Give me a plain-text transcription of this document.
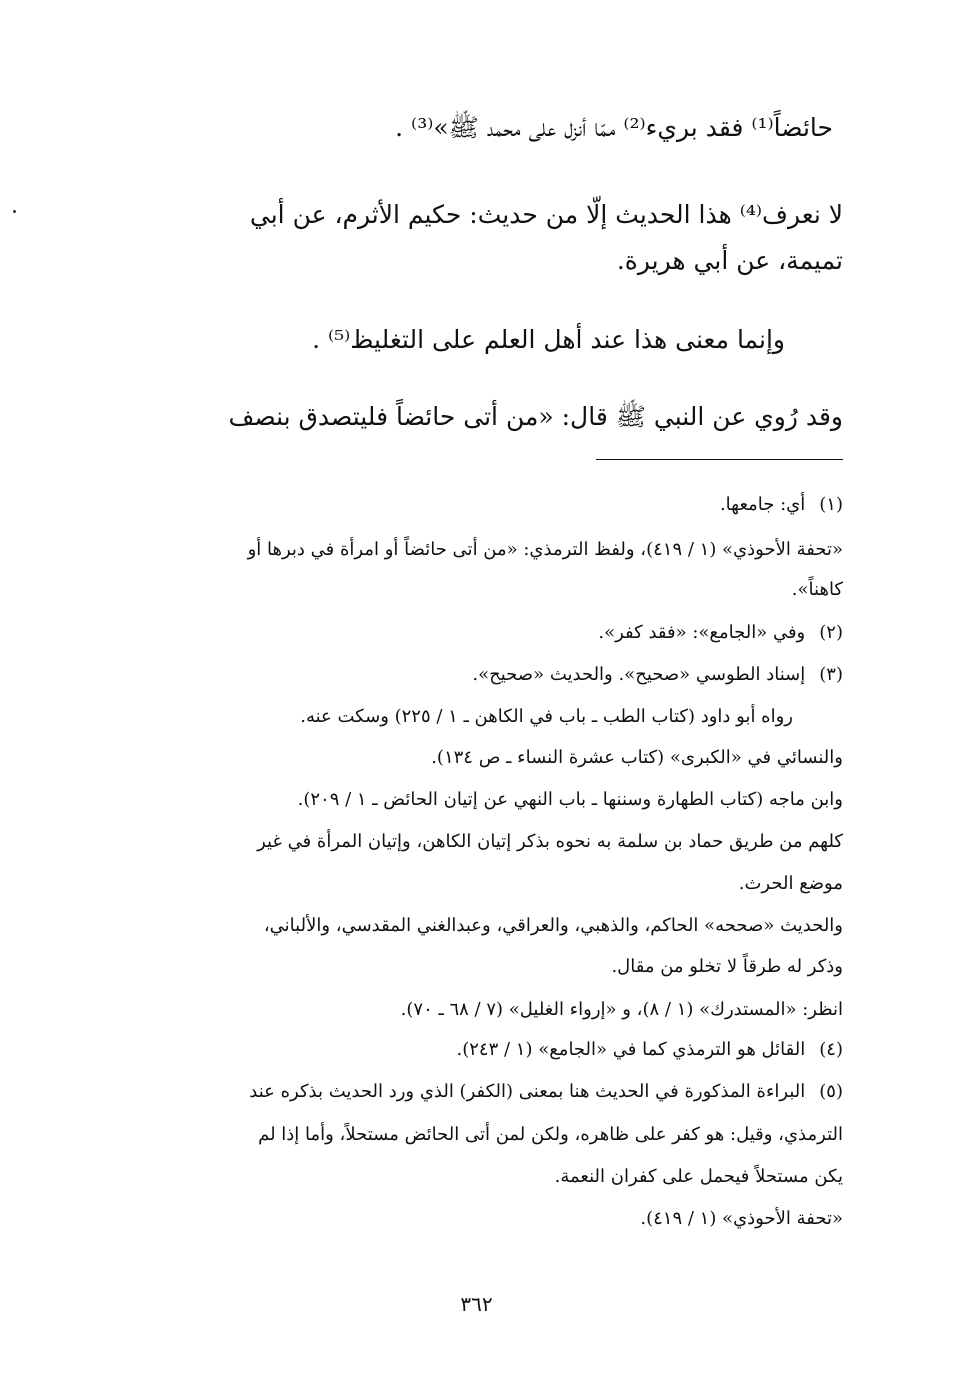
حائضاً⁽¹⁾ فقد بريء⁽²⁾ ممّا أنزل على محمد ﷺ»⁽³⁾ .
لا نعرف⁽⁴⁾ هذا الحديث إلّا من حديث: حكيم الأثرم، عن أبي
تميمة، عن أبي هريرة.
وإنما معنى هذا عند أهل العلم على التغليظ⁽⁵⁾ .
وقد رُوي عن النبي ﷺ قال: «من أتى حائضاً فليتصدق بنصف
(١)أي: جامعها.
«تحفة الأحوذي» (١ / ٤١٩)، ولفظ الترمذي: «من أتى حائضاً أو امرأة في دبرها أو
كاهناً».
(٢)وفي «الجامع»: «فقد كفر».
(٣)إسناد الطوسي «صحيح». والحديث «صحيح».
رواه أبو داود (كتاب الطب ـ باب في الكاهن ـ ١ / ٢٢٥) وسكت عنه.
والنسائي في «الكبرى» (كتاب عشرة النساء ـ ص ١٣٤).
وابن ماجه (كتاب الطهارة وسننها ـ باب النهي عن إتيان الحائض ـ ١ / ٢٠٩).
كلهم من طريق حماد بن سلمة به نحوه بذكر إتيان الكاهن، وإتيان المرأة في غير
موضع الحرث.
والحديث «صححه» الحاكم، والذهبي، والعراقي، وعبدالغني المقدسي، والألباني،
وذكر له طرقاً لا تخلو من مقال.
انظر: «المستدرك» (١ / ٨)، و «إرواء الغليل» (٧ / ٦٨ ـ ٧٠).
(٤)القائل هو الترمذي كما في «الجامع» (١ / ٢٤٣).
(٥)البراءة المذكورة في الحديث هنا بمعنى (الكفر) الذي ورد الحديث بذكره عند
الترمذي، وقيل: هو كفر على ظاهره، ولكن لمن أتى الحائض مستحلاً، وأما إذا لم
يكن مستحلاً فيحمل على كفران النعمة.
«تحفة الأحوذي» (١ / ٤١٩).
٣٦٢
